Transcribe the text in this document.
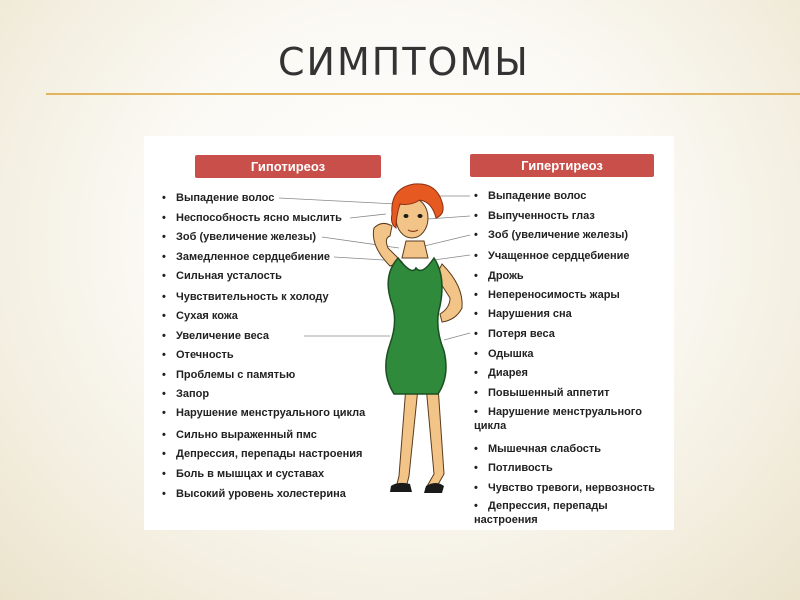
СИМПТОМЫ
Гипотиреоз	Гипертиреоз
• Выпадение волос
• Неспособность ясно мыслить
• Зоб (увеличение железы)
• Замедленное сердцебиение
• Сильная усталость
• Чувствительность к холоду
• Сухая кожа
• Увеличение веса
• Отечность
• Проблемы с памятью
• Запор
• Нарушение менструального цикла
• Сильно выраженный пмс
• Депрессия, перепады настроения
• Боль в мышцах и суставах
• Высокий уровень холестерина
• Выпадение волос
• Выпученность глаз
• Зоб (увеличение железы)
• Учащенное сердцебиение
• Дрожь
• Непереносимость жары
• Нарушения сна
• Потеря веса
• Одышка
• Диарея
• Повышенный аппетит
• Нарушение менструального цикла
• Мышечная слабость
• Потливость
• Чувство тревоги, нервозность
• Депрессия, перепады настроения
